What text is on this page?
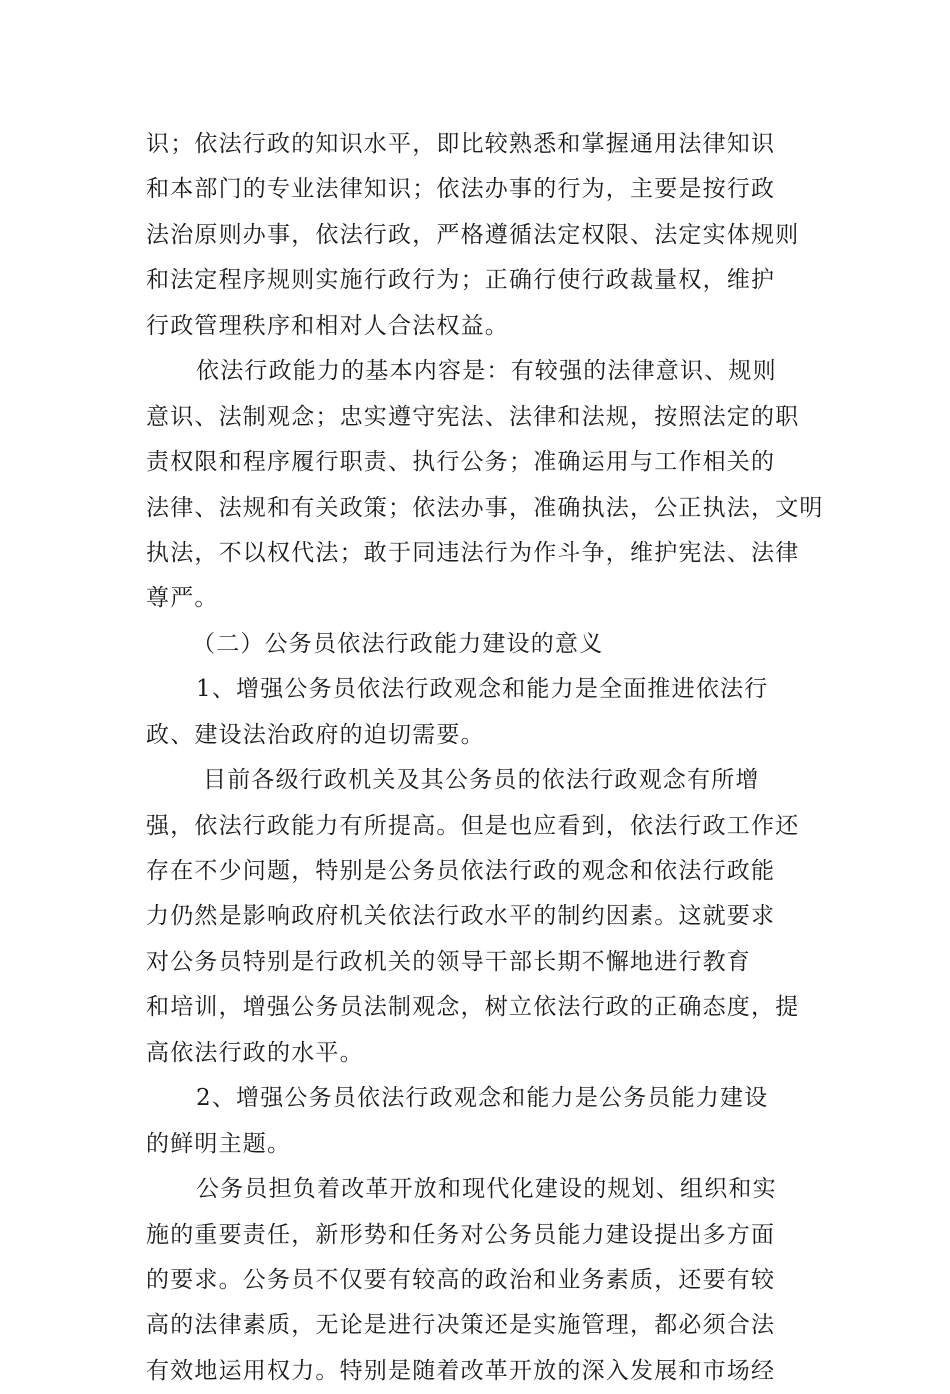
识；依法行政的知识水平，即比较熟悉和掌握通用法律知识
和本部门的专业法律知识；依法办事的行为，主要是按行政
法治原则办事，依法行政，严格遵循法定权限、法定实体规则
和法定程序规则实施行政行为；正确行使行政裁量权，维护
行政管理秩序和相对人合法权益。
依法行政能力的基本内容是：有较强的法律意识、规则
意识、法制观念；忠实遵守宪法、法律和法规，按照法定的职
责权限和程序履行职责、执行公务；准确运用与工作相关的
法律、法规和有关政策；依法办事，准确执法，公正执法，文明
执法，不以权代法；敢于同违法行为作斗争，维护宪法、法律
尊严。
（二）公务员依法行政能力建设的意义
1、增强公务员依法行政观念和能力是全面推进依法行
政、建设法治政府的迫切需要。
目前各级行政机关及其公务员的依法行政观念有所增
强，依法行政能力有所提高。但是也应看到，依法行政工作还
存在不少问题，特别是公务员依法行政的观念和依法行政能
力仍然是影响政府机关依法行政水平的制约因素。这就要求
对公务员特别是行政机关的领导干部长期不懈地进行教育
和培训，增强公务员法制观念，树立依法行政的正确态度，提
高依法行政的水平。
2、增强公务员依法行政观念和能力是公务员能力建设
的鲜明主题。
公务员担负着改革开放和现代化建设的规划、组织和实
施的重要责任，新形势和任务对公务员能力建设提出多方面
的要求。公务员不仅要有较高的政治和业务素质，还要有较
高的法律素质，无论是进行决策还是实施管理，都必须合法
有效地运用权力。特别是随着改革开放的深入发展和市场经
